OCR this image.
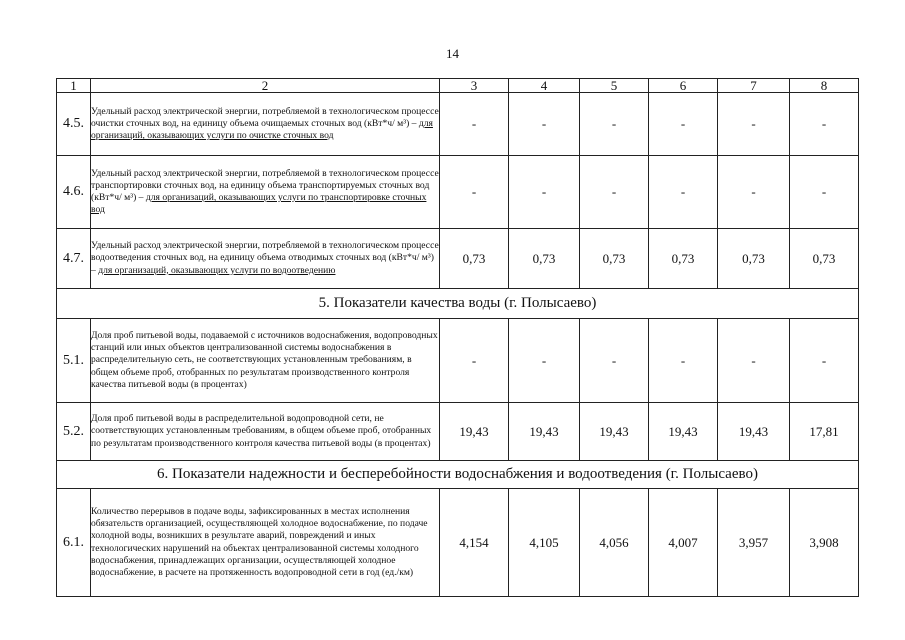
14
1	2	3	4	5	6	7	8
4.5.	Удельный расход электрической энергии, потребляемой в технологическом процессе очистки сточных вод, на единицу объема очищаемых сточных вод (кВт*ч/ м³) – для организаций, оказывающих услуги по очистке сточных вод	-	-	-	-	-	-
4.6.	Удельный расход электрической энергии, потребляемой в технологическом процессе транспортировки сточных вод, на единицу объема транспортируемых сточных вод (кВт*ч/ м³) – для организаций, оказывающих услуги по транспортировке сточных вод	-	-	-	-	-	-
4.7.	Удельный расход электрической энергии, потребляемой в технологическом процессе водоотведения сточных вод, на единицу объема отводимых сточных вод (кВт*ч/ м³) – для организаций, оказывающих услуги по водоотведению	0,73	0,73	0,73	0,73	0,73	0,73
5. Показатели качества воды (г. Полысаево)							
5.1.	Доля проб питьевой воды, подаваемой с источников водоснабжения, водопроводных станций или иных объектов централизованной системы водоснабжения в распределительную сеть, не соответствующих установленным требованиям, в общем объеме проб, отобранных по результатам производственного контроля качества питьевой воды (в процентах)	-	-	-	-	-	-
5.2.	Доля проб питьевой воды в распределительной водопроводной сети, не соответствующих установленным требованиям, в общем объеме проб, отобранных по результатам производственного контроля качества питьевой воды (в процентах)	19,43	19,43	19,43	19,43	19,43	17,81
6. Показатели надежности и бесперебойности водоснабжения и водоотведения (г. Полысаево)							
6.1.	Количество перерывов в подаче воды, зафиксированных в местах исполнения обязательств организацией, осуществляющей холодное водоснабжение, по подаче холодной воды, возникших в результате аварий, повреждений и иных технологических нарушений на объектах централизованной системы холодного водоснабжения, принадлежащих организации, осуществляющей холодное водоснабжение, в расчете на протяженность водопроводной сети в год (ед./км)	4,154	4,105	4,056	4,007	3,957	3,908
